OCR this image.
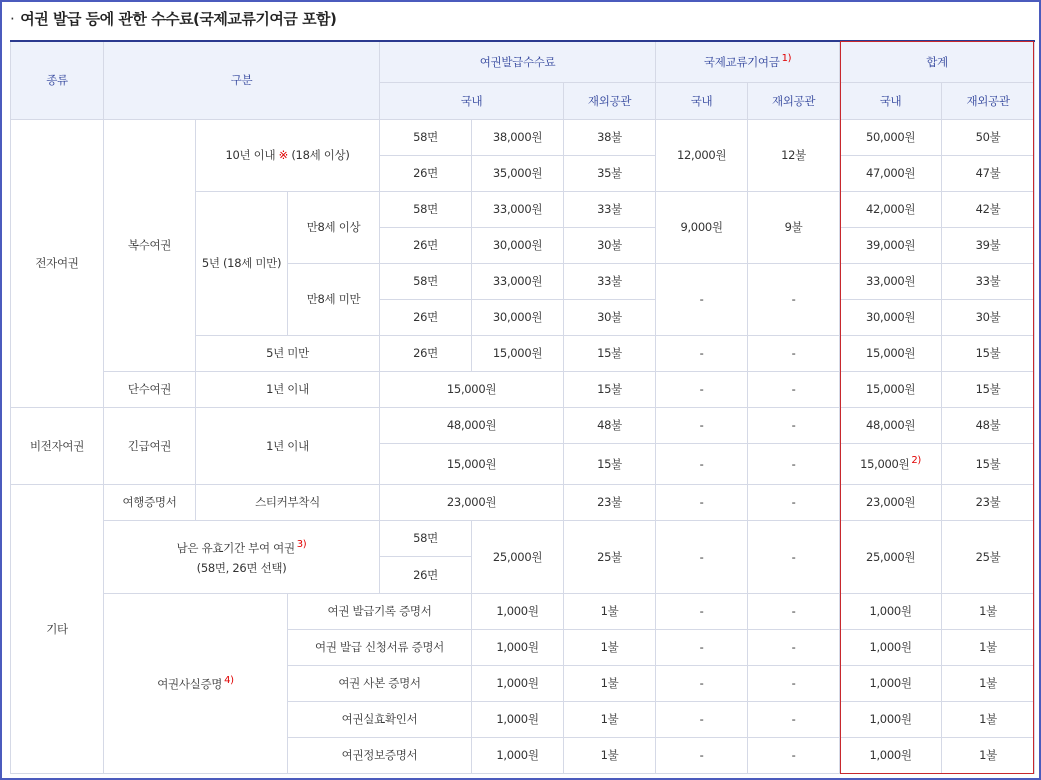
· 여권 발급 등에 관한 수수료(국제교류기여금 포함)
종류	구분			여권발급수수료			국제교류기여금 $^{1)}$		합계	
				국내		재외공관	국내	재외공관	국내	재외공관
전자여권	복수여권	10년 이내 ※ (18세 이상)		58면	38,000원	38불	12,000원	12불	50,000원	50불
				26면	35,000원	35불			47,000원	47불
		5년 (18세 미만)	만8세 이상	58면	33,000원	33불	9,000원	9불	42,000원	42불
				26면	30,000원	30불			39,000원	39불
			만8세 미만	58면	33,000원	33불	-	-	33,000원	33불
				26면	30,000원	30불			30,000원	30불
		5년 미만		26면	15,000원	15불	-	-	15,000원	15불
	단수여권	1년 이내		15,000원		15불	-	-	15,000원	15불
비전자여권	긴급여권	1년 이내		48,000원		48불	-	-	48,000원	48불
				15,000원		15불	-	-	15,000원 $^{2)}$	15불
기타	여행증명서	스티커부착식		23,000원		23불	-	-	23,000원	23불
	남은 유효기간 부여 여권 $^{3)}$
(58면, 26면 선택)			58면	25,000원	25불	-	-	25,000원	25불
				26면						
	여권사실증명 $^{4)}$		여권 발급기록 증명서		1,000원	1불	-	-	1,000원	1불
			여권 발급 신청서류 증명서		1,000원	1불	-	-	1,000원	1불
			여권 사본 증명서		1,000원	1불	-	-	1,000원	1불
			여권실효확인서		1,000원	1불	-	-	1,000원	1불
			여권정보증명서		1,000원	1불	-	-	1,000원	1불
